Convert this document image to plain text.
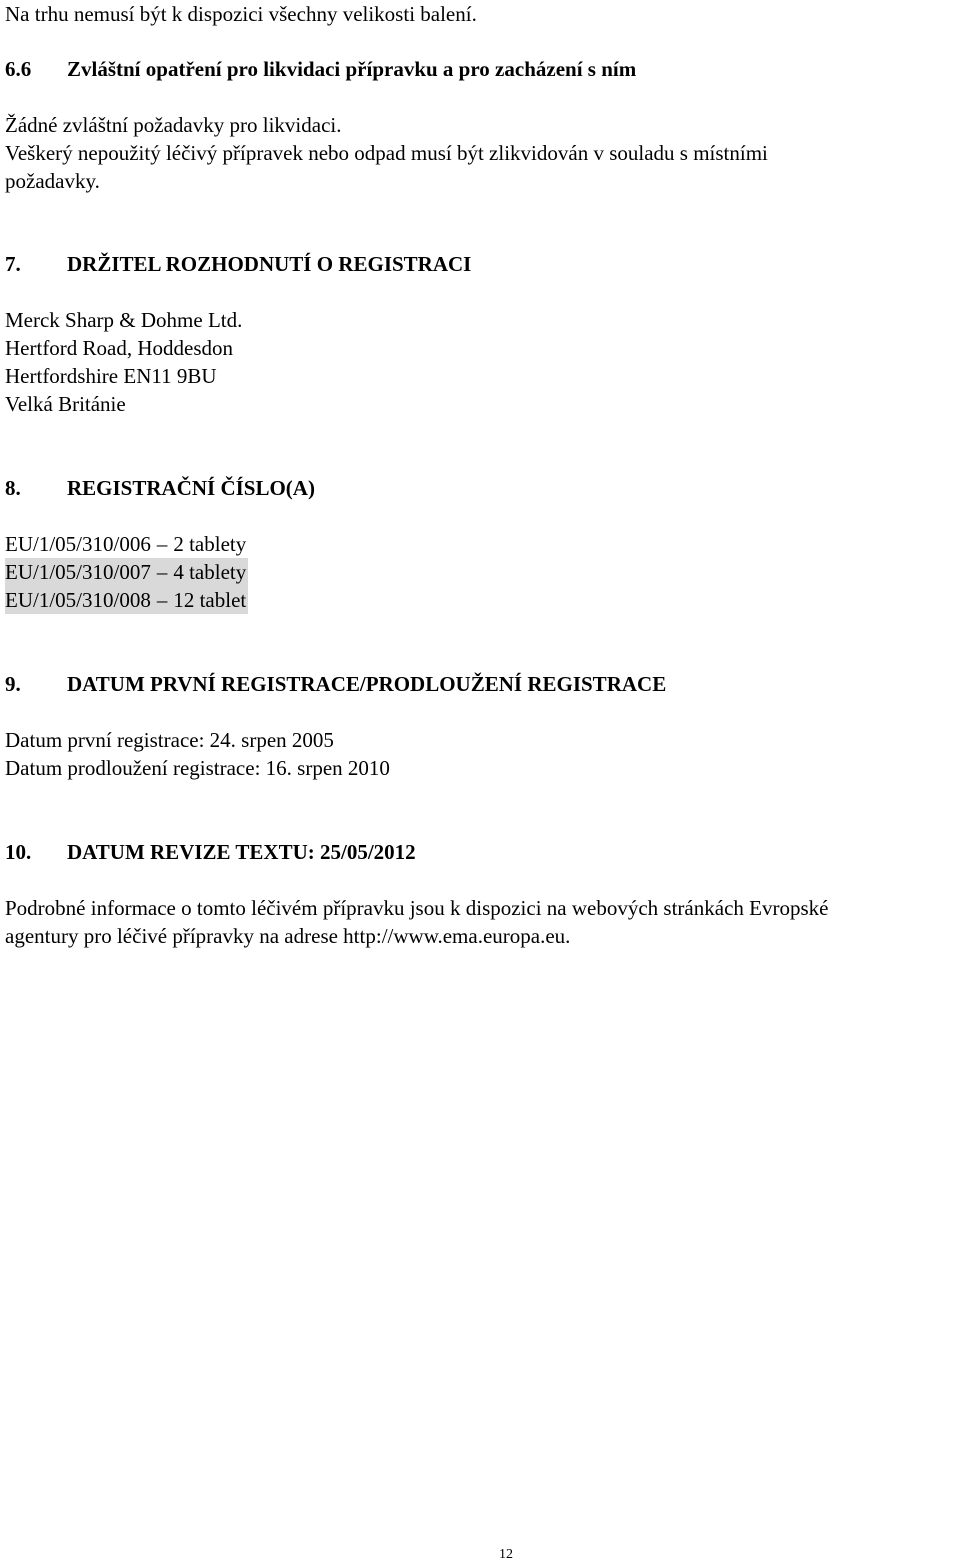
Na trhu nemusí být k dispozici všechny velikosti balení.
6.6 Zvláštní opatření pro likvidaci přípravku a pro zacházení s ním
Žádné zvláštní požadavky pro likvidaci.
Veškerý nepoužitý léčivý přípravek nebo odpad musí být zlikvidován v souladu s místními
požadavky.
7. DRŽITEL ROZHODNUTÍ O REGISTRACI
Merck Sharp & Dohme Ltd.
Hertford Road, Hoddesdon
Hertfordshire EN11 9BU
Velká Británie
8. REGISTRAČNÍ ČÍSLO(A)
EU/1/05/310/006 – 2 tablety
EU/1/05/310/007 – 4 tablety
EU/1/05/310/008 – 12 tablet
9. DATUM PRVNÍ REGISTRACE/PRODLOUŽENÍ REGISTRACE
Datum první registrace: 24. srpen 2005
Datum prodloužení registrace: 16. srpen 2010
10. DATUM REVIZE TEXTU: 25/05/2012
Podrobné informace o tomto léčivém přípravku jsou k dispozici na webových stránkách Evropské
agentury pro léčivé přípravky na adrese http://www.ema.europa.eu.
12
